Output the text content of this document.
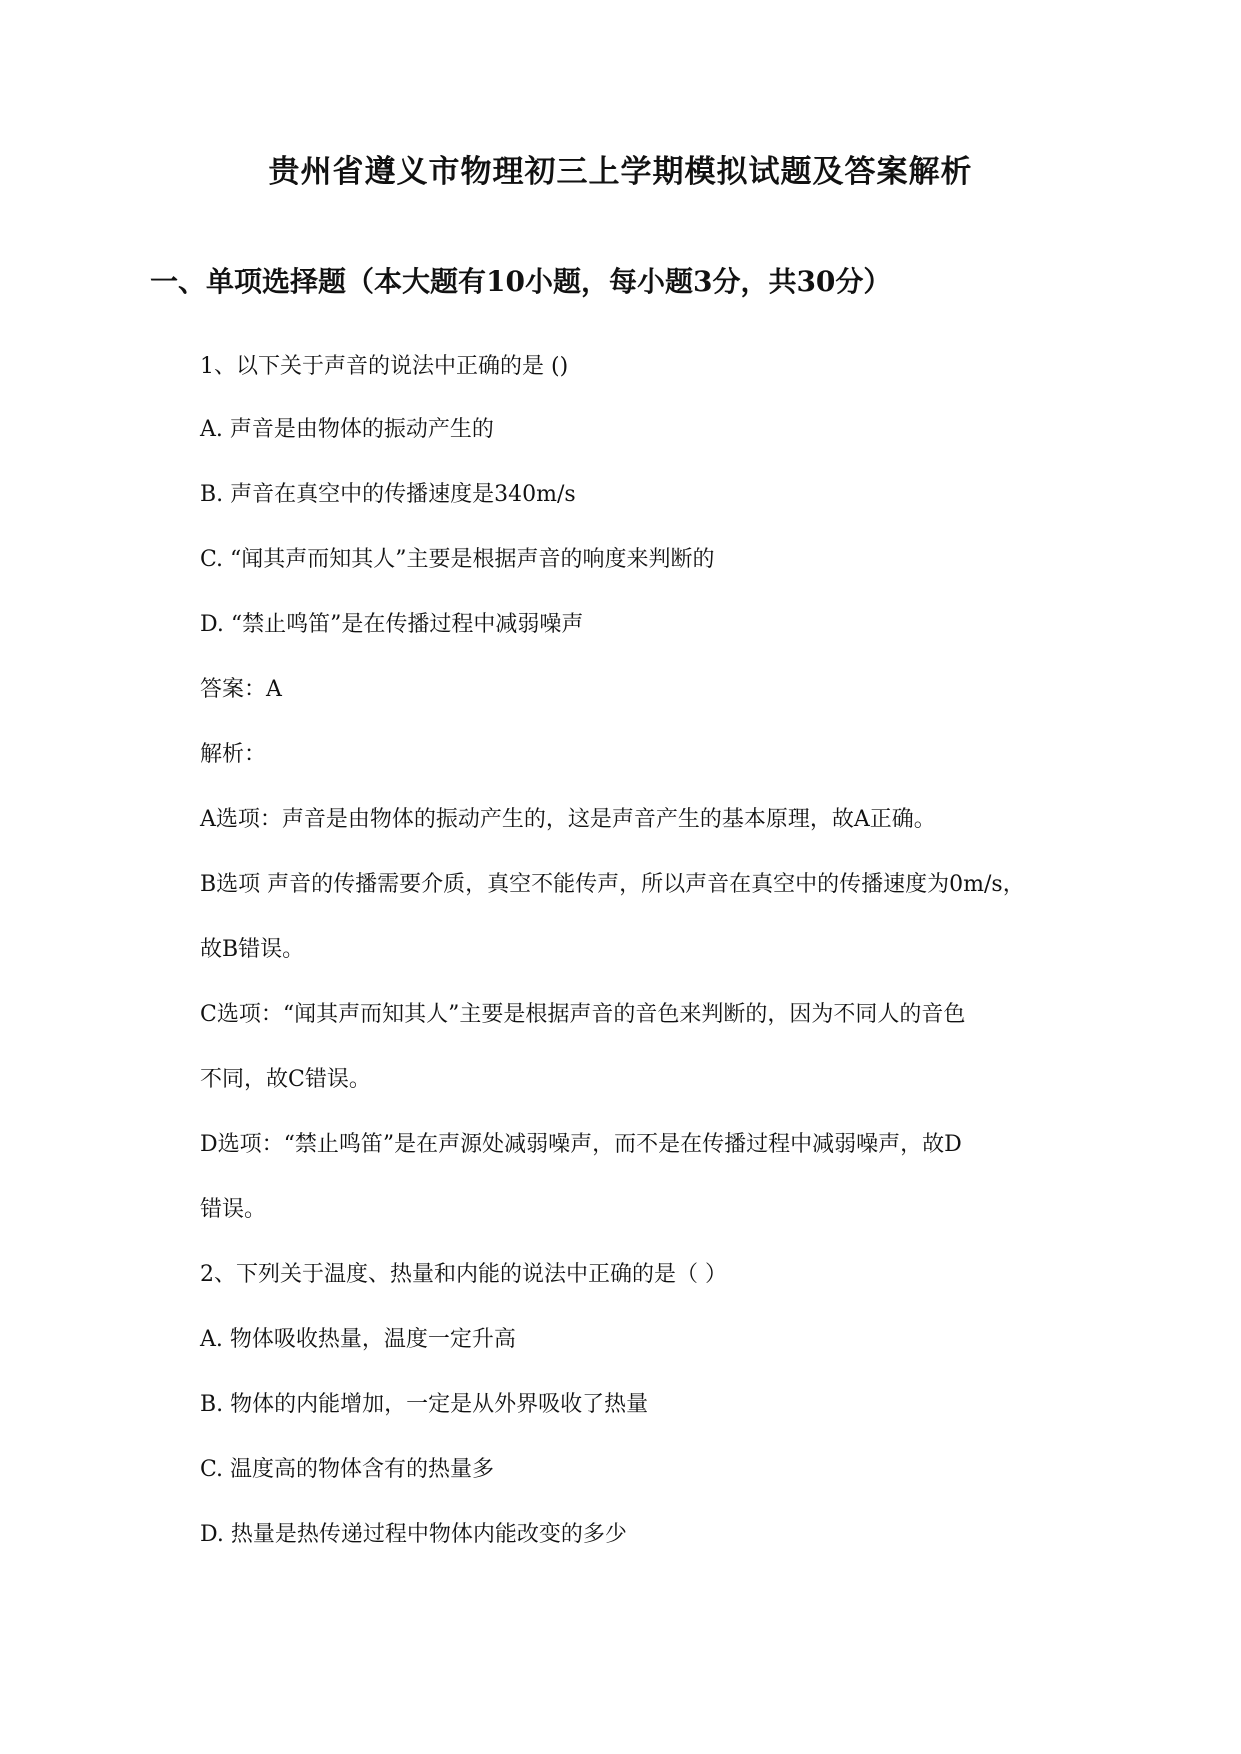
贵州省遵义市物理初三上学期模拟试题及答案解析
一、单项选择题（本大题有10小题，每小题3分，共30分）
1、以下关于声音的说法中正确的是 ()
A. 声音是由物体的振动产生的
B. 声音在真空中的传播速度是340m/s
C. “闻其声而知其人”主要是根据声音的响度来判断的
D. “禁止鸣笛”是在传播过程中减弱噪声
答案：A
解析：
A选项：声音是由物体的振动产生的，这是声音产生的基本原理，故A正确。
B选项 声音的传播需要介质，真空不能传声，所以声音在真空中的传播速度为0m/s，
故B错误。
C选项：“闻其声而知其人”主要是根据声音的音色来判断的，因为不同人的音色
不同，故C错误。
D选项：“禁止鸣笛”是在声源处减弱噪声，而不是在传播过程中减弱噪声，故D
错误。
2、下列关于温度、热量和内能的说法中正确的是（ ）
A. 物体吸收热量，温度一定升高
B. 物体的内能增加，一定是从外界吸收了热量
C. 温度高的物体含有的热量多
D. 热量是热传递过程中物体内能改变的多少
